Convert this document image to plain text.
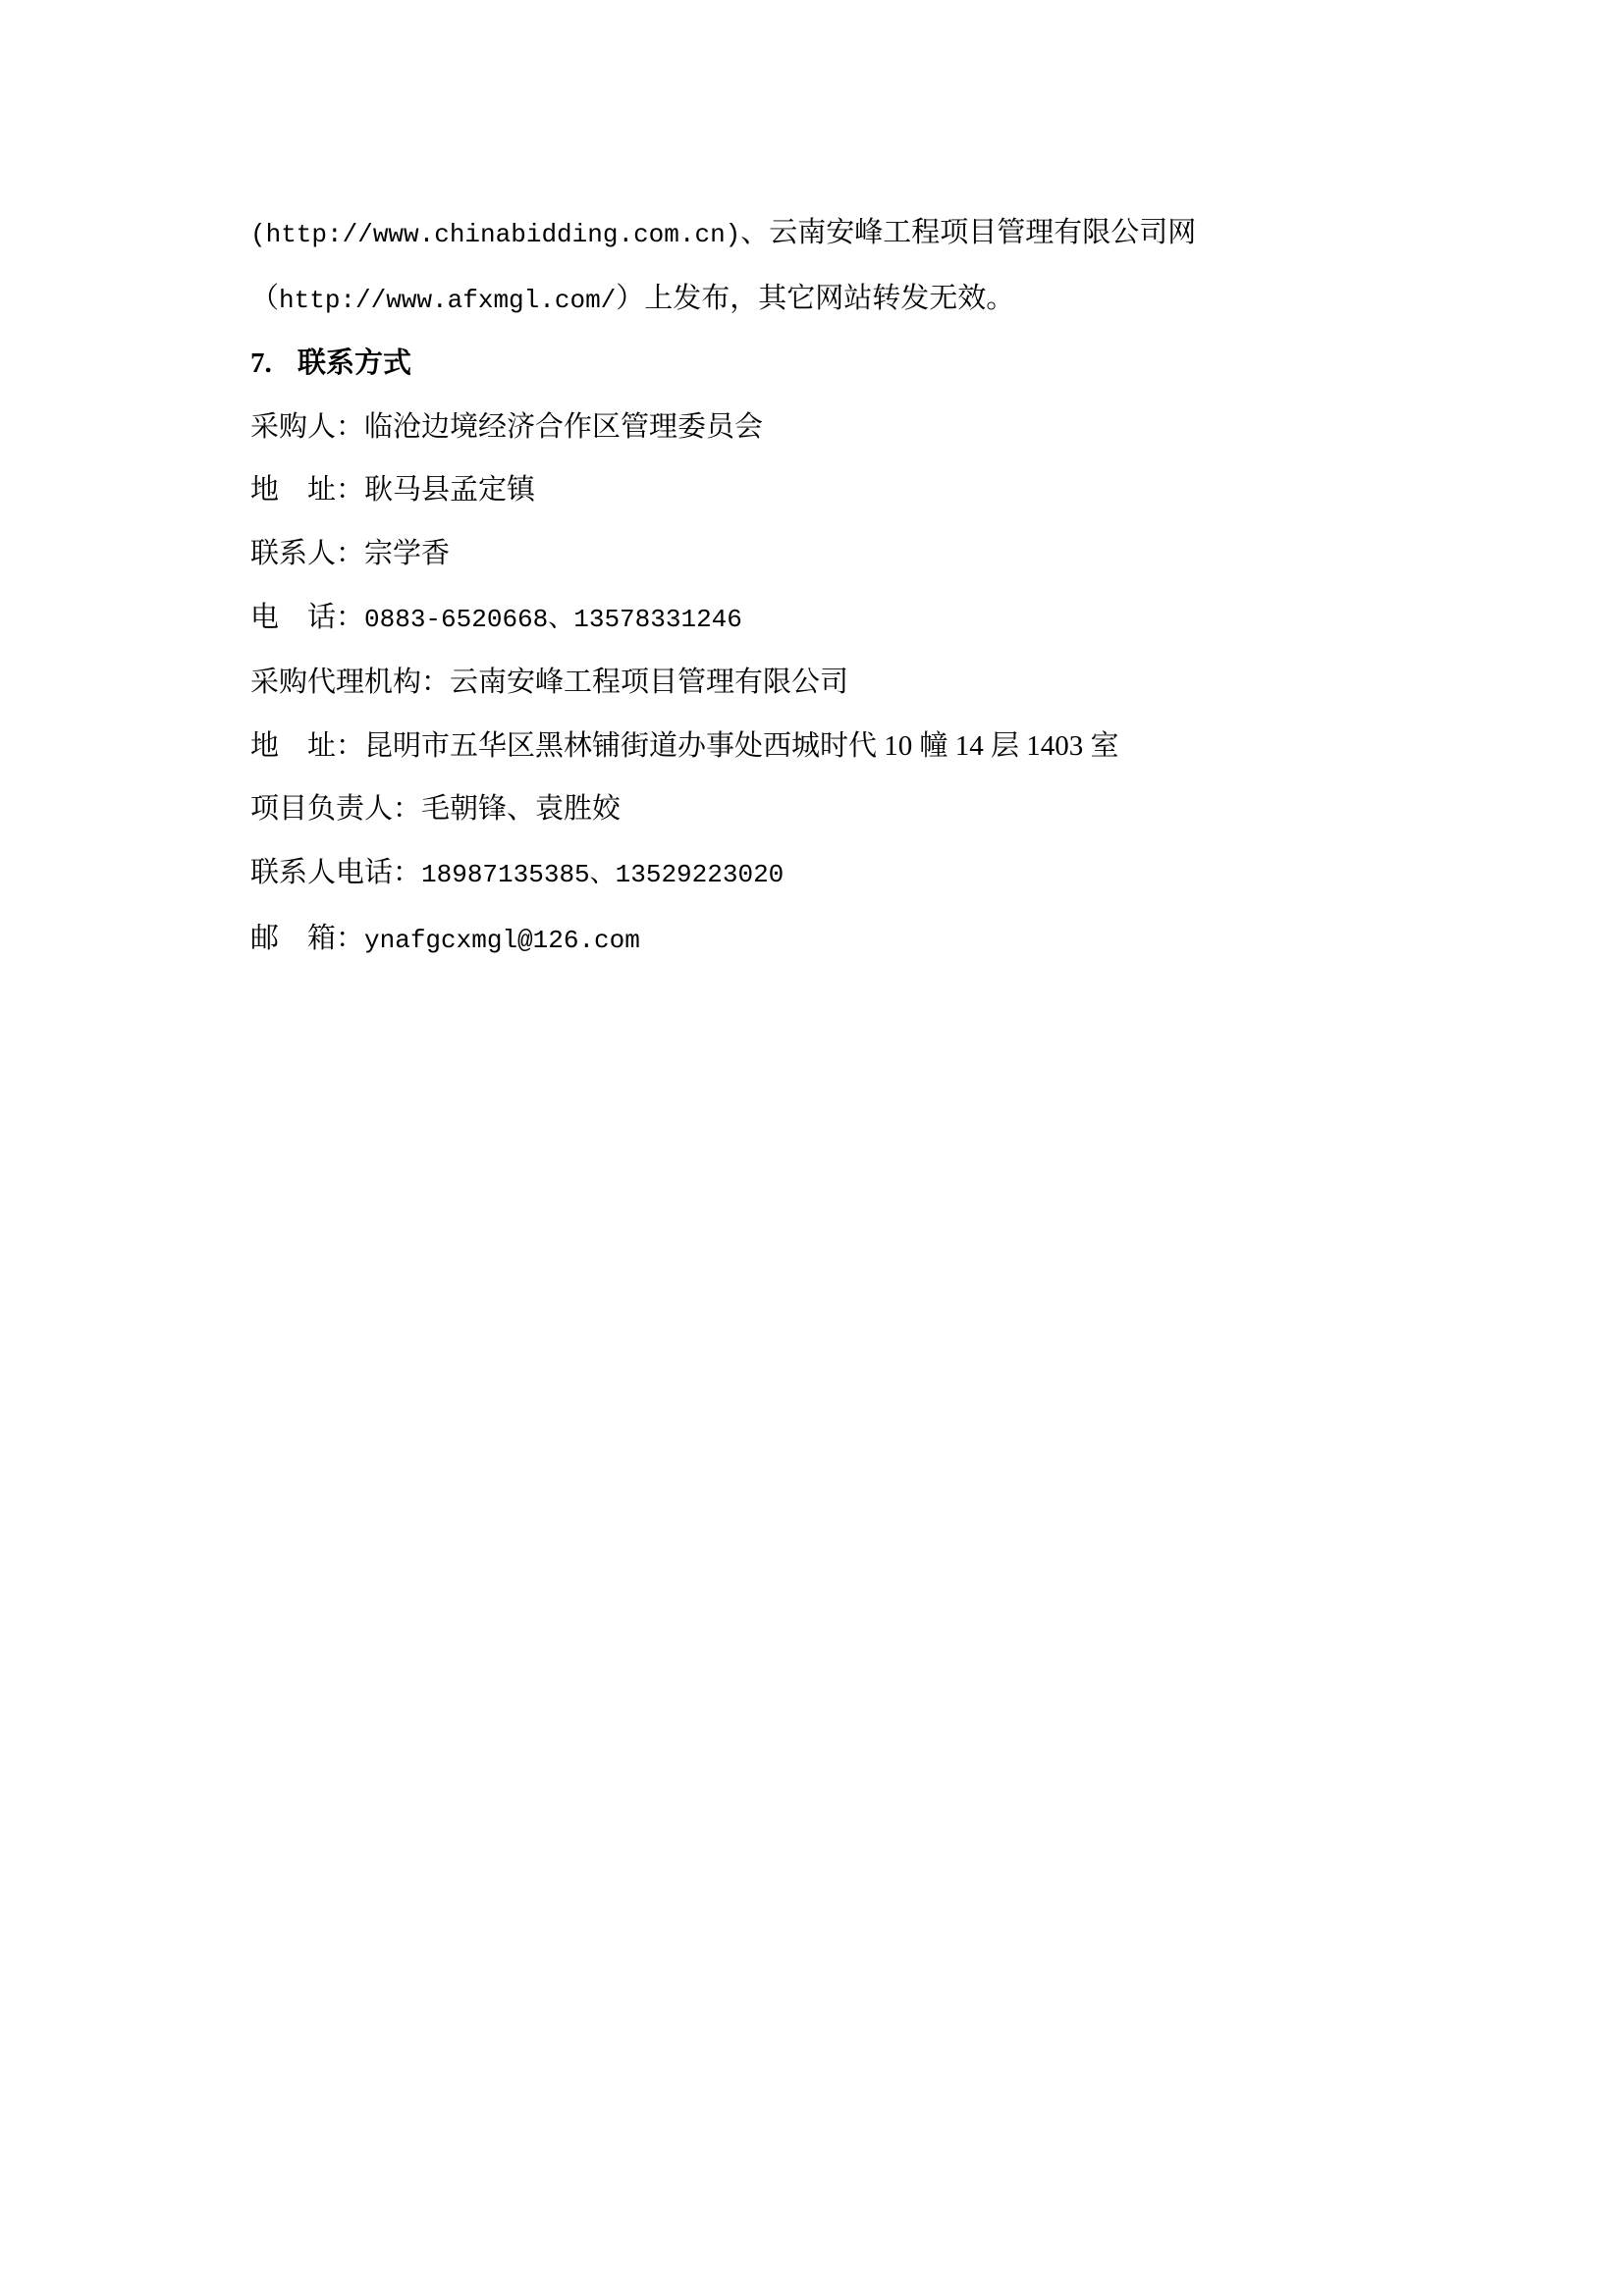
(http://www.chinabidding.com.cn)、云南安峰工程项目管理有限公司网

（http://www.afxmgl.com/）上发布，其它网站转发无效。

7. 联系方式

采购人：临沧边境经济合作区管理委员会

地　址：耿马县孟定镇

联系人：宗学香

电　话：0883-6520668、13578331246

采购代理机构：云南安峰工程项目管理有限公司

地　址：昆明市五华区黑林铺街道办事处西城时代 10 幢 14 层 1403 室

项目负责人：毛朝锋、袁胜姣

联系人电话：18987135385、13529223020

邮　箱：ynafgcxmgl@126.com
